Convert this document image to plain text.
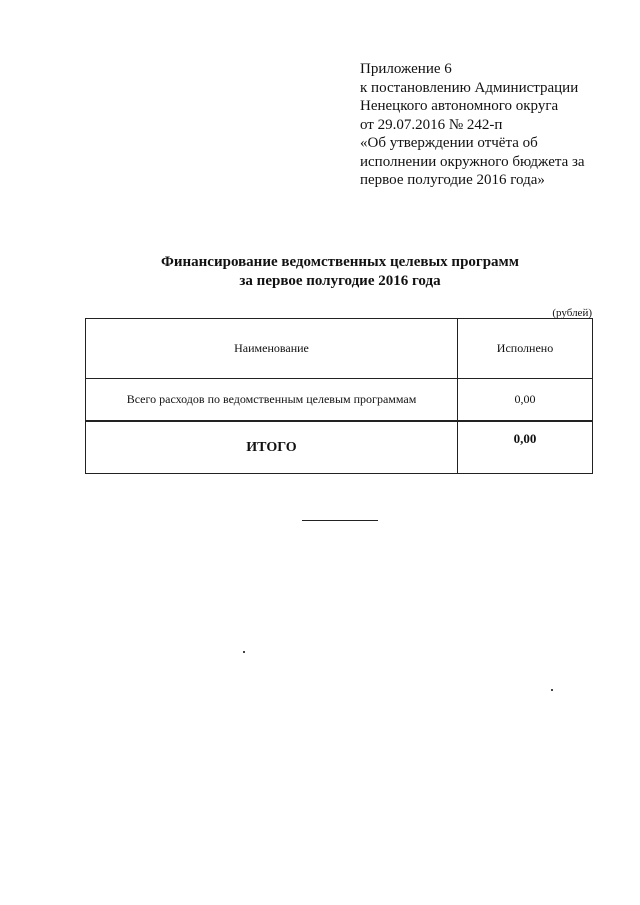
Приложение 6
к постановлению Администрации
Ненецкого автономного округа
от 29.07.2016 № 242-п
«Об утверждении отчёта об
исполнении окружного бюджета за
первое полугодие 2016 года»
Финансирование ведомственных целевых программ
за первое полугодие 2016 года
(рублей)
Наименование	Исполнено
Всего расходов по ведомственным целевым программам	0,00
ИТОГО	0,00
